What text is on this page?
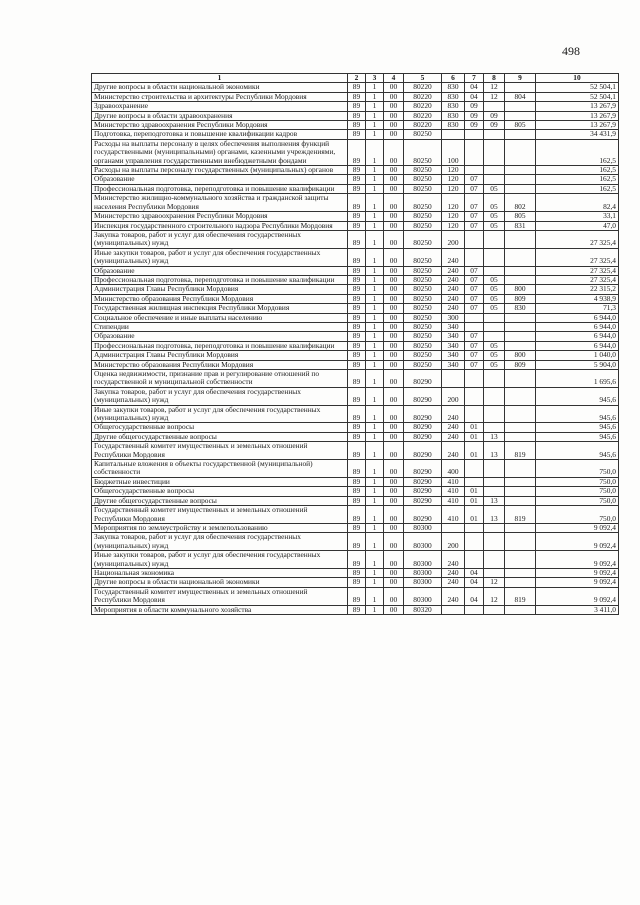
498
1	2	3	4	5	6	7	8	9	10
Другие вопросы в области национальной экономики	89	1	00	80220	830	04	12		52 504,1
Министерство строительства и архитектуры Республики Мордовия	89	1	00	80220	830	04	12	804	52 504,1
Здравоохранение	89	1	00	80220	830	09			13 267,9
Другие вопросы в области здравоохранения	89	1	00	80220	830	09	09		13 267,9
Министерство здравоохранения Республики Мордовия	89	1	00	80220	830	09	09	805	13 267,9
Подготовка, переподготовка и повышение квалификации кадров	89	1	00	80250					34 431,9
Расходы на выплаты персоналу в целях обеспечения выполнения функций государственными (муниципальными) органами, казенными учреждениями, органами управления государственными внебюджетными фондами	89	1	00	80250	100				162,5
Расходы на выплаты персоналу государственных (муниципальных) органов	89	1	00	80250	120				162,5
Образование	89	1	00	80250	120	07			162,5
Профессиональная подготовка, переподготовка и повышение квалификации	89	1	00	80250	120	07	05		162,5
Министерство жилищно-коммунального хозяйства и гражданской защиты населения Республики Мордовия	89	1	00	80250	120	07	05	802	82,4
Министерство здравоохранения Республики Мордовия	89	1	00	80250	120	07	05	805	33,1
Инспекция государственного строительного надзора Республики Мордовия	89	1	00	80250	120	07	05	831	47,0
Закупка товаров, работ и услуг для обеспечения государственных (муниципальных) нужд	89	1	00	80250	200				27 325,4
Иные закупки товаров, работ и услуг для обеспечения государственных (муниципальных) нужд	89	1	00	80250	240				27 325,4
Образование	89	1	00	80250	240	07			27 325,4
Профессиональная подготовка, переподготовка и повышение квалификации	89	1	00	80250	240	07	05		27 325,4
Администрация Главы Республики Мордовия	89	1	00	80250	240	07	05	800	22 315,2
Министерство образования Республики Мордовия	89	1	00	80250	240	07	05	809	4 938,9
Государственная жилищная инспекция Республики Мордовия	89	1	00	80250	240	07	05	830	71,3
Социальное обеспечение и иные выплаты населению	89	1	00	80250	300				6 944,0
Стипендии	89	1	00	80250	340				6 944,0
Образование	89	1	00	80250	340	07			6 944,0
Профессиональная подготовка, переподготовка и повышение квалификации	89	1	00	80250	340	07	05		6 944,0
Администрация Главы Республики Мордовия	89	1	00	80250	340	07	05	800	1 040,0
Министерство образования Республики Мордовия	89	1	00	80250	340	07	05	809	5 904,0
Оценка недвижимости, признание прав и регулирование отношений по государственной и муниципальной собственности	89	1	00	80290					1 695,6
Закупка товаров, работ и услуг для обеспечения государственных (муниципальных) нужд	89	1	00	80290	200				945,6
Иные закупки товаров, работ и услуг для обеспечения государственных (муниципальных) нужд	89	1	00	80290	240				945,6
Общегосударственные вопросы	89	1	00	80290	240	01			945,6
Другие общегосударственные вопросы	89	1	00	80290	240	01	13		945,6
Государственный комитет имущественных и земельных отношений Республики Мордовия	89	1	00	80290	240	01	13	819	945,6
Капитальные вложения в объекты государственной (муниципальной) собственности	89	1	00	80290	400				750,0
Бюджетные инвестиции	89	1	00	80290	410				750,0
Общегосударственные вопросы	89	1	00	80290	410	01			750,0
Другие общегосударственные вопросы	89	1	00	80290	410	01	13		750,0
Государственный комитет имущественных и земельных отношений Республики Мордовия	89	1	00	80290	410	01	13	819	750,0
Мероприятия по землеустройству и землепользованию	89	1	00	80300					9 092,4
Закупка товаров, работ и услуг для обеспечения государственных (муниципальных) нужд	89	1	00	80300	200				9 092,4
Иные закупки товаров, работ и услуг для обеспечения государственных (муниципальных) нужд	89	1	00	80300	240				9 092,4
Национальная экономика	89	1	00	80300	240	04			9 092,4
Другие вопросы в области национальной экономики	89	1	00	80300	240	04	12		9 092,4
Государственный комитет имущественных и земельных отношений Республики Мордовия	89	1	00	80300	240	04	12	819	9 092,4
Мероприятия в области коммунального хозяйства	89	1	00	80320					3 411,0
